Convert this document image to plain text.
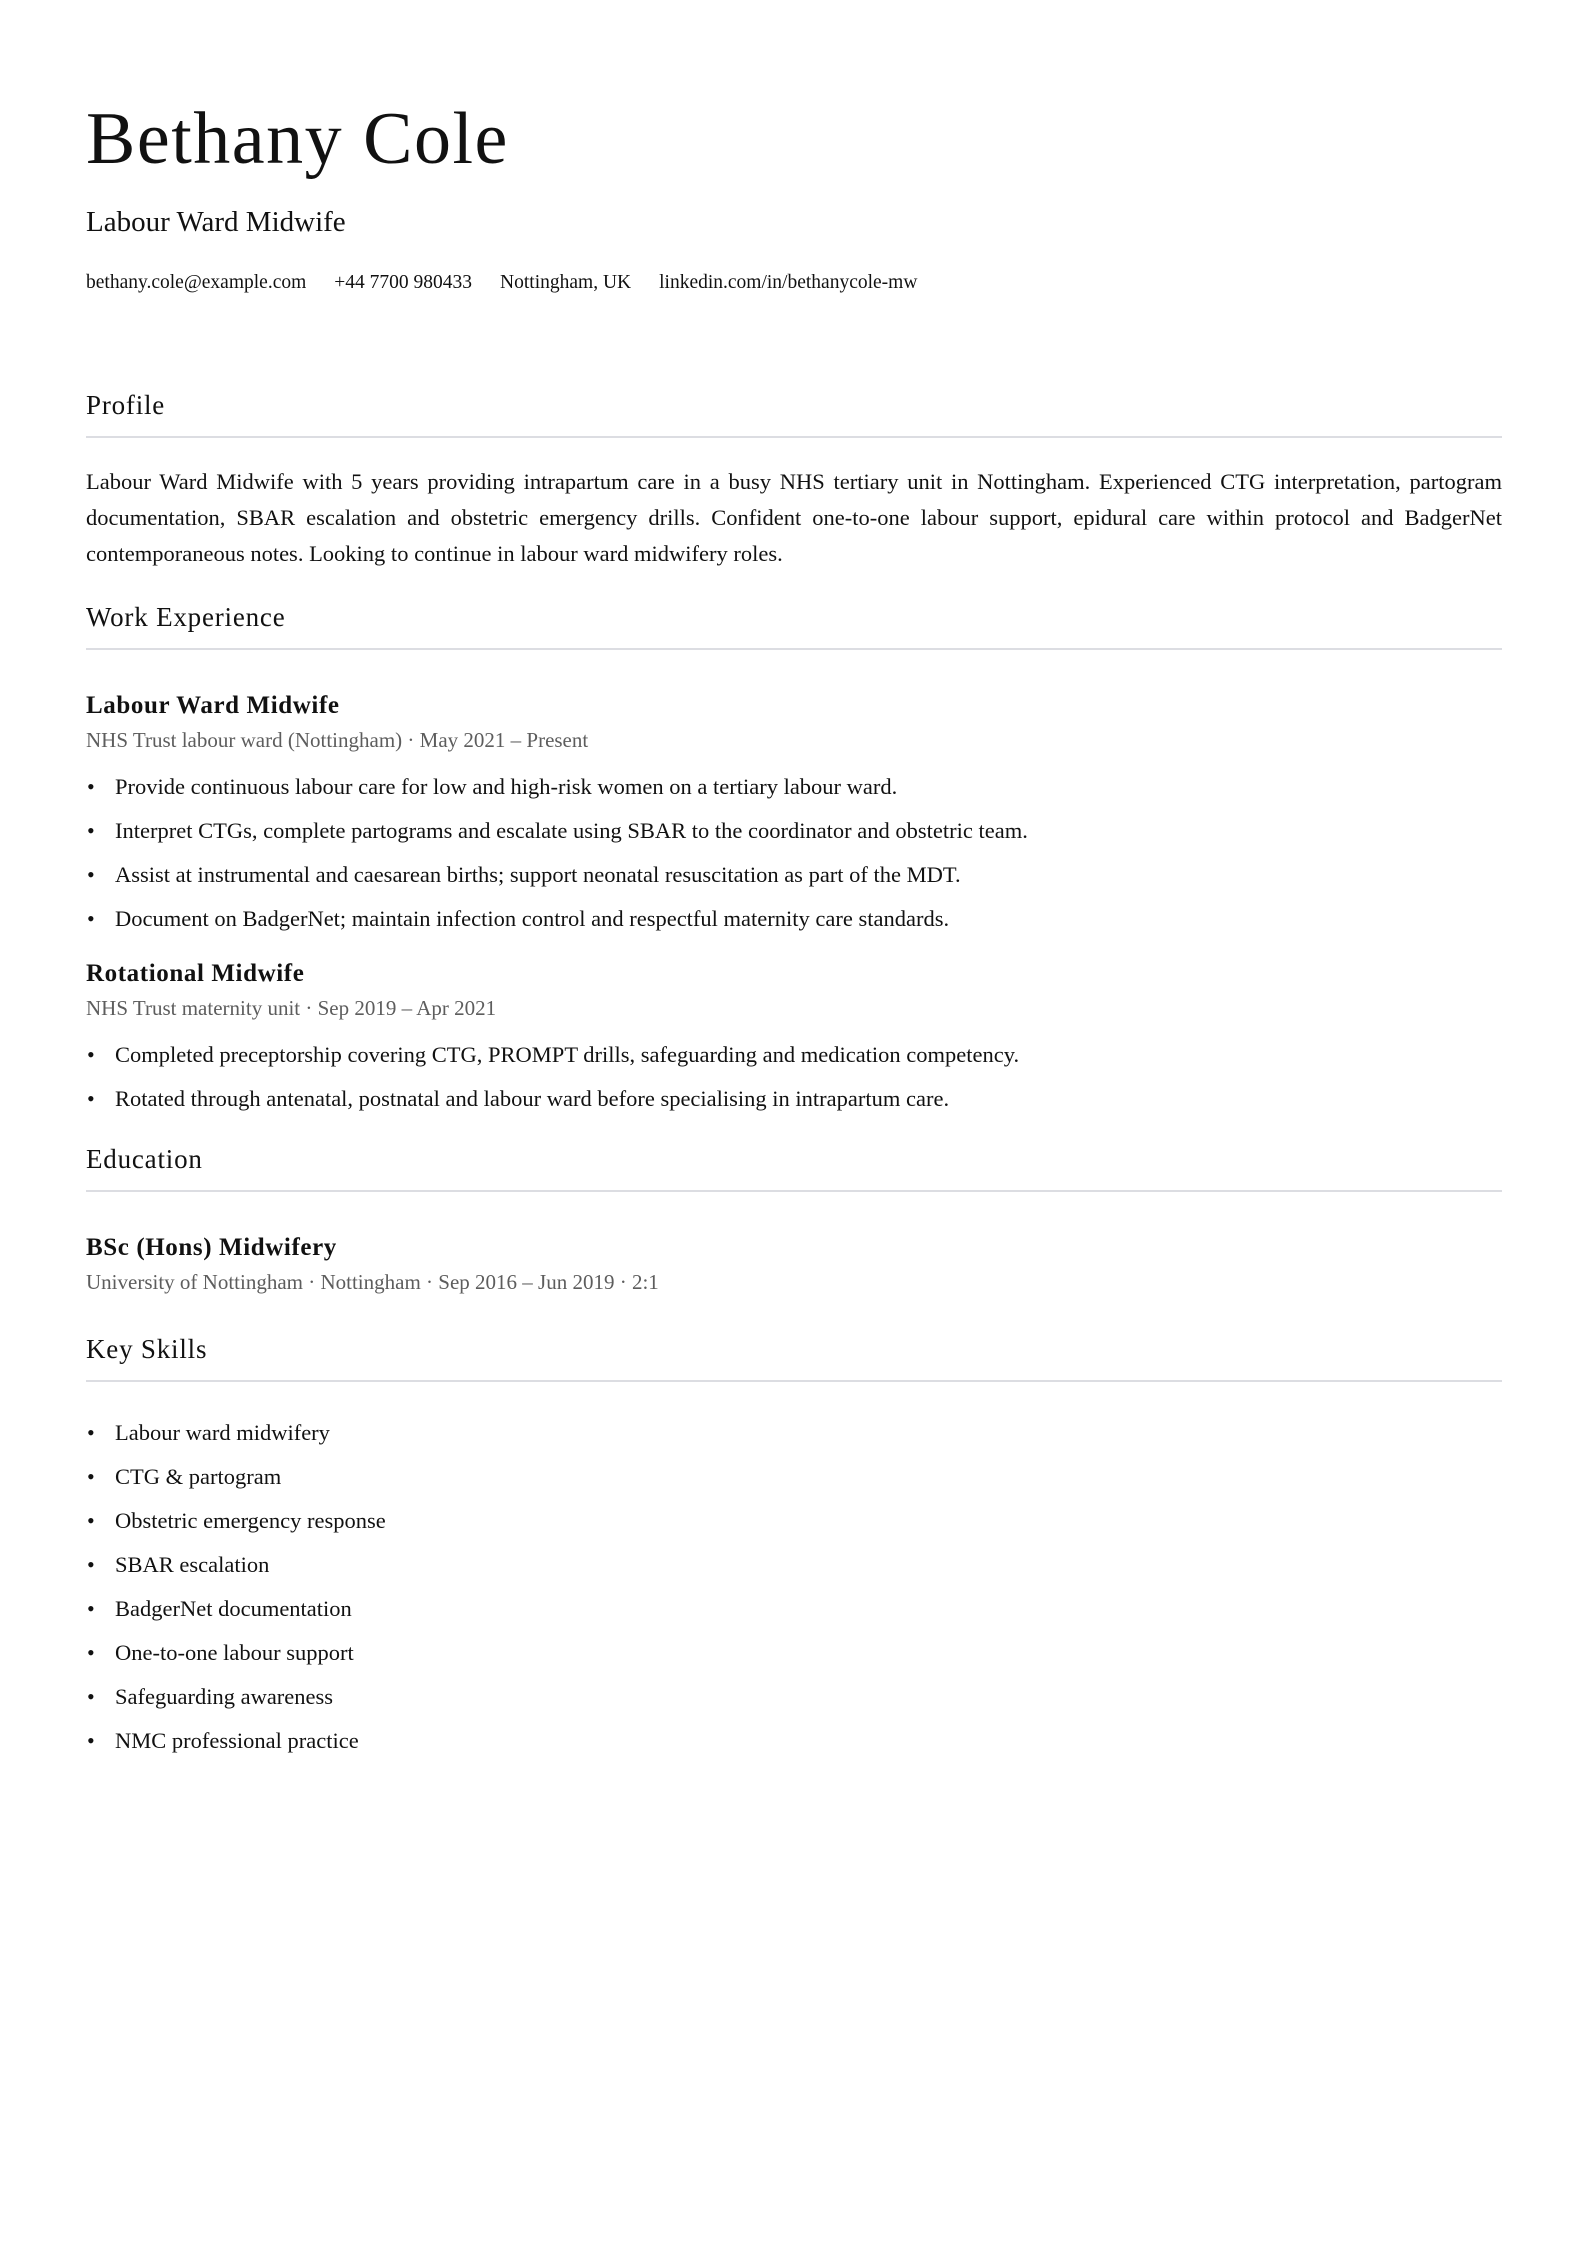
Bethany Cole
Labour Ward Midwife
bethany.cole@example.com +44 7700 980433 Nottingham, UK linkedin.com/in/bethanycole-mw
Profile

Labour Ward Midwife with 5 years providing intrapartum care in a busy NHS tertiary unit in Nottingham. Experienced CTG interpretation, partogram documentation, SBAR escalation and obstetric emergency drills. Confident one-to-one labour support, epidural care within protocol and BadgerNet contemporaneous notes. Looking to continue in labour ward midwifery roles.

Work Experience
Labour Ward Midwife
NHS Trust labour ward (Nottingham) · May 2021 – Present
• Provide continuous labour care for low and high-risk women on a tertiary labour ward.
• Interpret CTGs, complete partograms and escalate using SBAR to the coordinator and obstetric team.
• Assist at instrumental and caesarean births; support neonatal resuscitation as part of the MDT.
• Document on BadgerNet; maintain infection control and respectful maternity care standards.
Rotational Midwife
NHS Trust maternity unit · Sep 2019 – Apr 2021
• Completed preceptorship covering CTG, PROMPT drills, safeguarding and medication competency.
• Rotated through antenatal, postnatal and labour ward before specialising in intrapartum care.
Education
BSc (Hons) Midwifery
University of Nottingham · Nottingham · Sep 2016 – Jun 2019 · 2:1
Key Skills
• Labour ward midwifery
• CTG & partogram
• Obstetric emergency response
• SBAR escalation
• BadgerNet documentation
• One-to-one labour support
• Safeguarding awareness
• NMC professional practice
